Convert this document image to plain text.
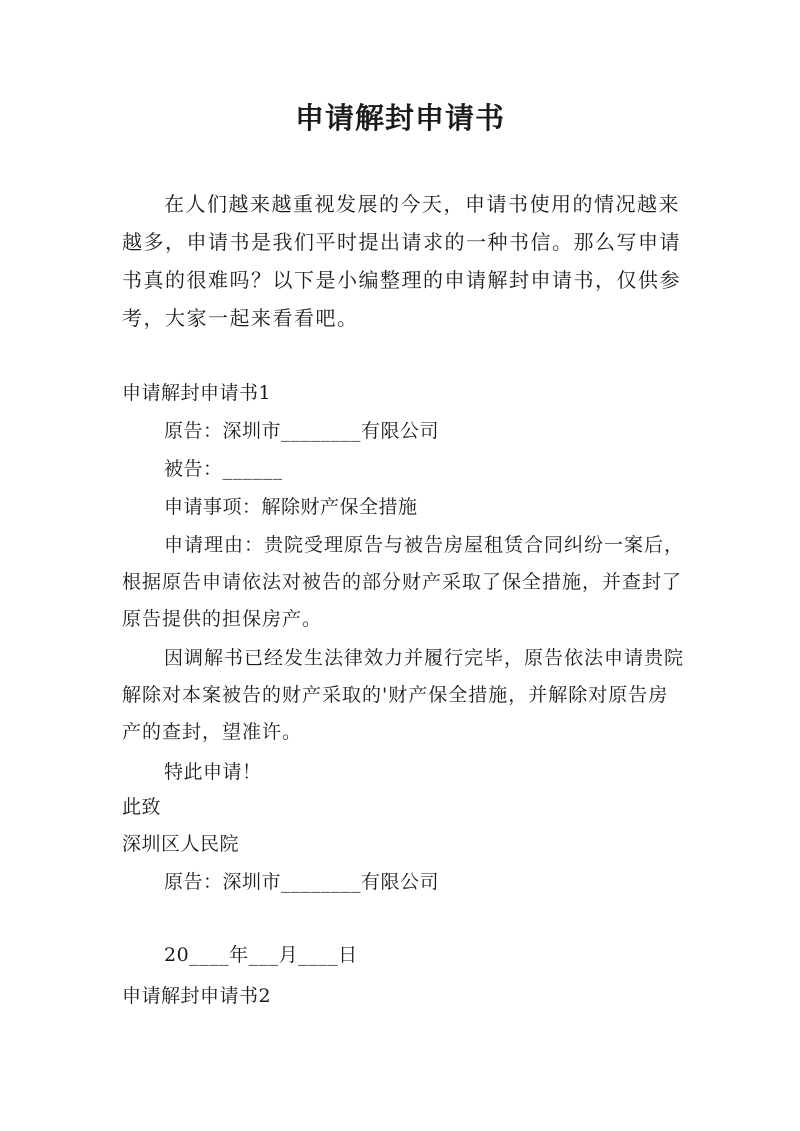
申请解封申请书

在人们越来越重视发展的今天，申请书使用的情况越来越多，申请书是我们平时提出请求的一种书信。那么写申请书真的很难吗？以下是小编整理的申请解封申请书，仅供参考，大家一起来看看吧。

申请解封申请书1

原告：深圳市________有限公司

被告：______

申请事项：解除财产保全措施

申请理由：贵院受理原告与被告房屋租赁合同纠纷一案后，根据原告申请依法对被告的部分财产采取了保全措施，并查封了原告提供的担保房产。

因调解书已经发生法律效力并履行完毕，原告依法申请贵院解除对本案被告的财产采取的'财产保全措施，并解除对原告房产的查封，望准许。

特此申请！

此致

深圳区人民院

原告：深圳市________有限公司

20____年___月____日

申请解封申请书2
